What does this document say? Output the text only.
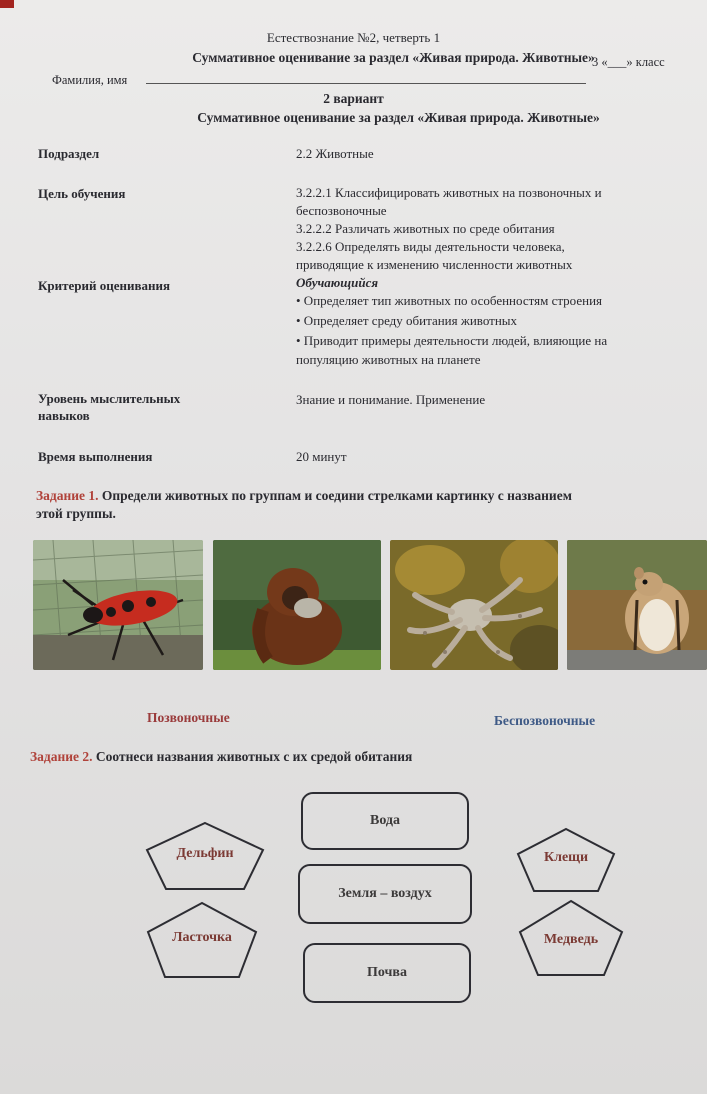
Естествознание №2, четверть 1
Суммативное оценивание за раздел «Живая природа. Животные»
3 «___» класс
Фамилия, имя
2 вариант
Суммативное оценивание за раздел «Живая природа. Животные»
Подраздел	2.2 Животные
Цель обучения	3.2.2.1 Классифицировать животных на позвоночных и
беспозвоночные
3.2.2.2 Различать животных по среде обитания
3.2.2.6 Определять виды деятельности человека,
приводящие к изменению численности животных
Критерий оценивания	Обучающийся
• Определяет тип животных по особенностям строения
• Определяет среду обитания животных
• Приводит примеры деятельности людей, влияющие на
популяцию животных на планете
Уровень мыслительных
навыков
Знание и понимание. Применение
Время выполнения	20 минут
Задание 1. Определи животных по группам и соедини стрелками картинку с названием
этой группы.
Позвоночные	Беспозвоночные
Задание 2. Соотнеси названия животных с их средой обитания
Вода
Земля – воздух
Почва
Дельфин	Клещи
Ласточка	Медведь
